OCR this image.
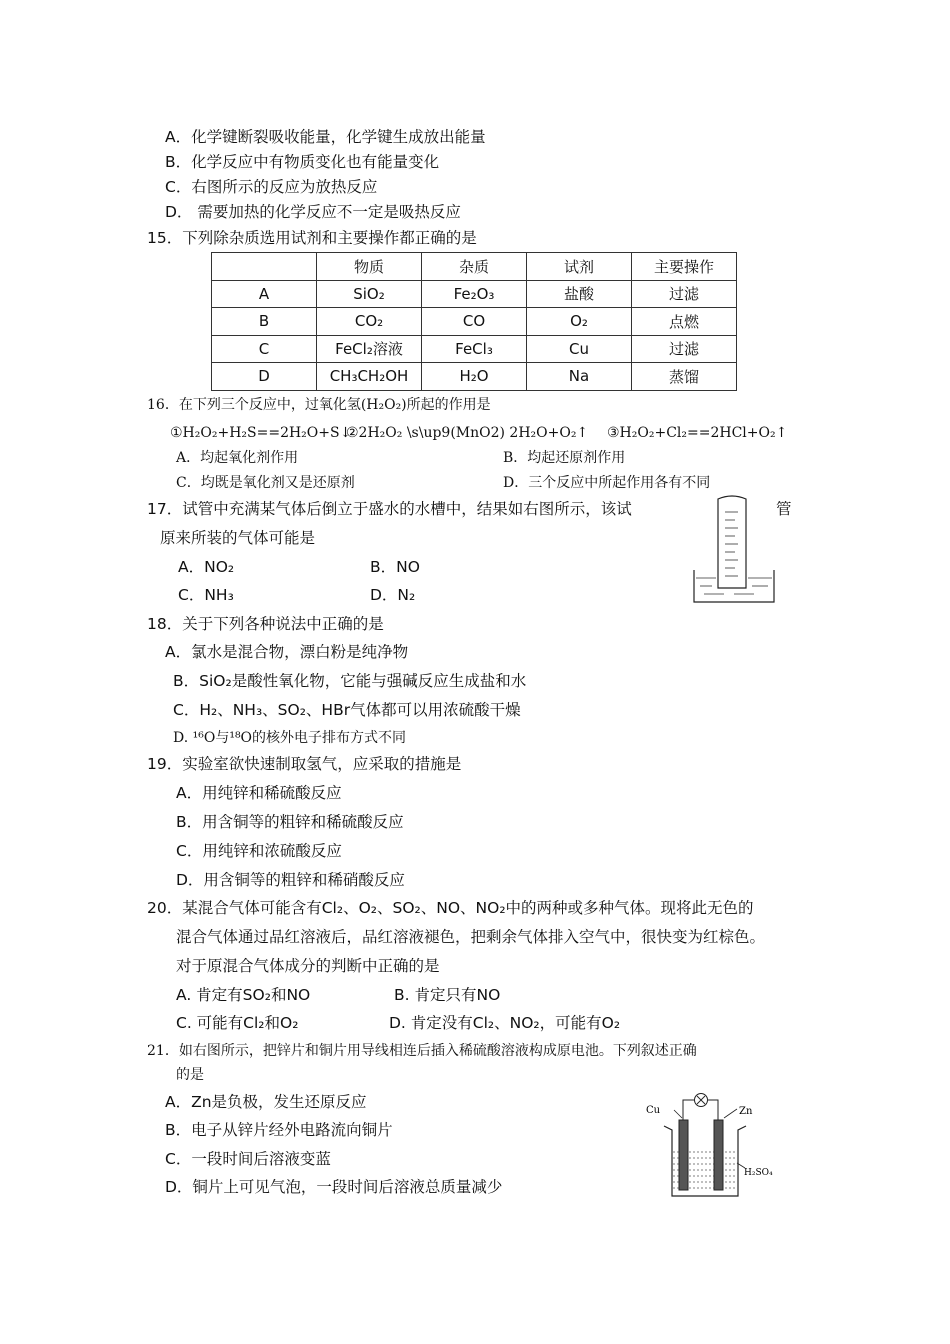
A．化学键断裂吸收能量，化学键生成放出能量
B．化学反应中有物质变化也有能量变化
C．右图所示的反应为放热反应
D． 需要加热的化学反应不一定是吸热反应
15．下列除杂质选用试剂和主要操作都正确的是
	物质	杂质	试剂	主要操作
A	SiO₂	Fe₂O₃	盐酸	过滤
B	CO₂	CO	O₂	点燃
C	FeCl₂溶液	FeCl₃	Cu	过滤
D	CH₃CH₂OH	H₂O	Na	蒸馏
16．在下列三个反应中，过氧化氢(H₂O₂)所起的作用是
①H₂O₂+H₂S==2H₂O+S↓
②2H₂O₂ \s\up9(MnO2) 2H₂O+O₂↑ ③H₂O₂+Cl₂==2HCl+O₂↑
A．均起氧化剂作用	B．均起还原剂作用
C．均既是氧化剂又是还原剂	D．三个反应中所起作用各有不同
17．试管中充满某气体后倒立于盛水的水槽中，结果如右图所示，该试	管
原来所装的气体可能是
A．NO₂	B．NO
C．NH₃	D．N₂
18．关于下列各种说法中正确的是
A．氯水是混合物，漂白粉是纯净物
B．SiO₂是酸性氧化物，它能与强碱反应生成盐和水
C．H₂、NH₃、SO₂、HBr气体都可以用浓硫酸干燥
D. ¹⁶O与¹⁸O的核外电子排布方式不同
19．实验室欲快速制取氢气，应采取的措施是
A．用纯锌和稀硫酸反应
B．用含铜等的粗锌和稀硫酸反应
C．用纯锌和浓硫酸反应
D．用含铜等的粗锌和稀硝酸反应
20．某混合气体可能含有Cl₂、O₂、SO₂、NO、NO₂中的两种或多种气体。现将此无色的
混合气体通过品红溶液后，品红溶液褪色，把剩余气体排入空气中，很快变为红棕色。
对于原混合气体成分的判断中正确的是
A. 肯定有SO₂和NO	B. 肯定只有NO
C. 可能有Cl₂和O₂	D. 肯定没有Cl₂、NO₂，可能有O₂
21．如右图所示，把锌片和铜片用导线相连后插入稀硫酸溶液构成原电池。下列叙述正确
的是
A．Zn是负极，发生还原反应
B．电子从锌片经外电路流向铜片
C．一段时间后溶液变蓝
D．铜片上可见气泡，一段时间后溶液总质量减少
Cu	Zn
H₂SO₄
